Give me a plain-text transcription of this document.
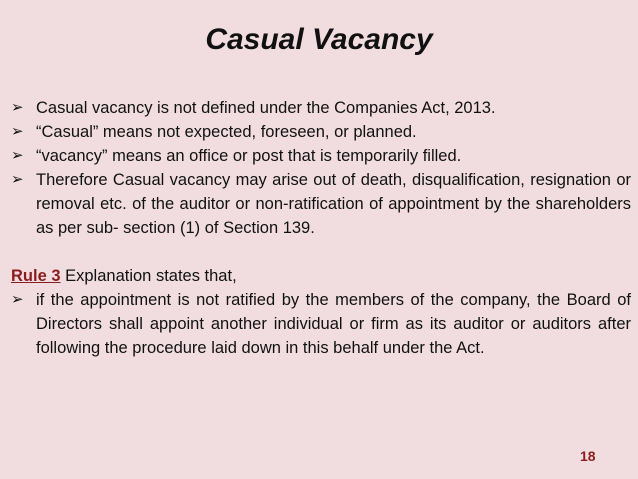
Casual Vacancy
➢ Casual vacancy is not defined under the Companies Act, 2013.
➢ “Casual” means not expected, foreseen, or planned.
➢ “vacancy” means an office or post that is temporarily filled.
➢ Therefore Casual vacancy may arise out of death, disqualification, resignation or removal etc. of the auditor or non-ratification of appointment by the shareholders as per sub- section (1) of Section 139.
Rule 3 Explanation states that,
➢ if the appointment is not ratified by the members of the company, the Board of Directors shall appoint another individual or firm as its auditor or auditors after following the procedure laid down in this behalf under the Act.
18
